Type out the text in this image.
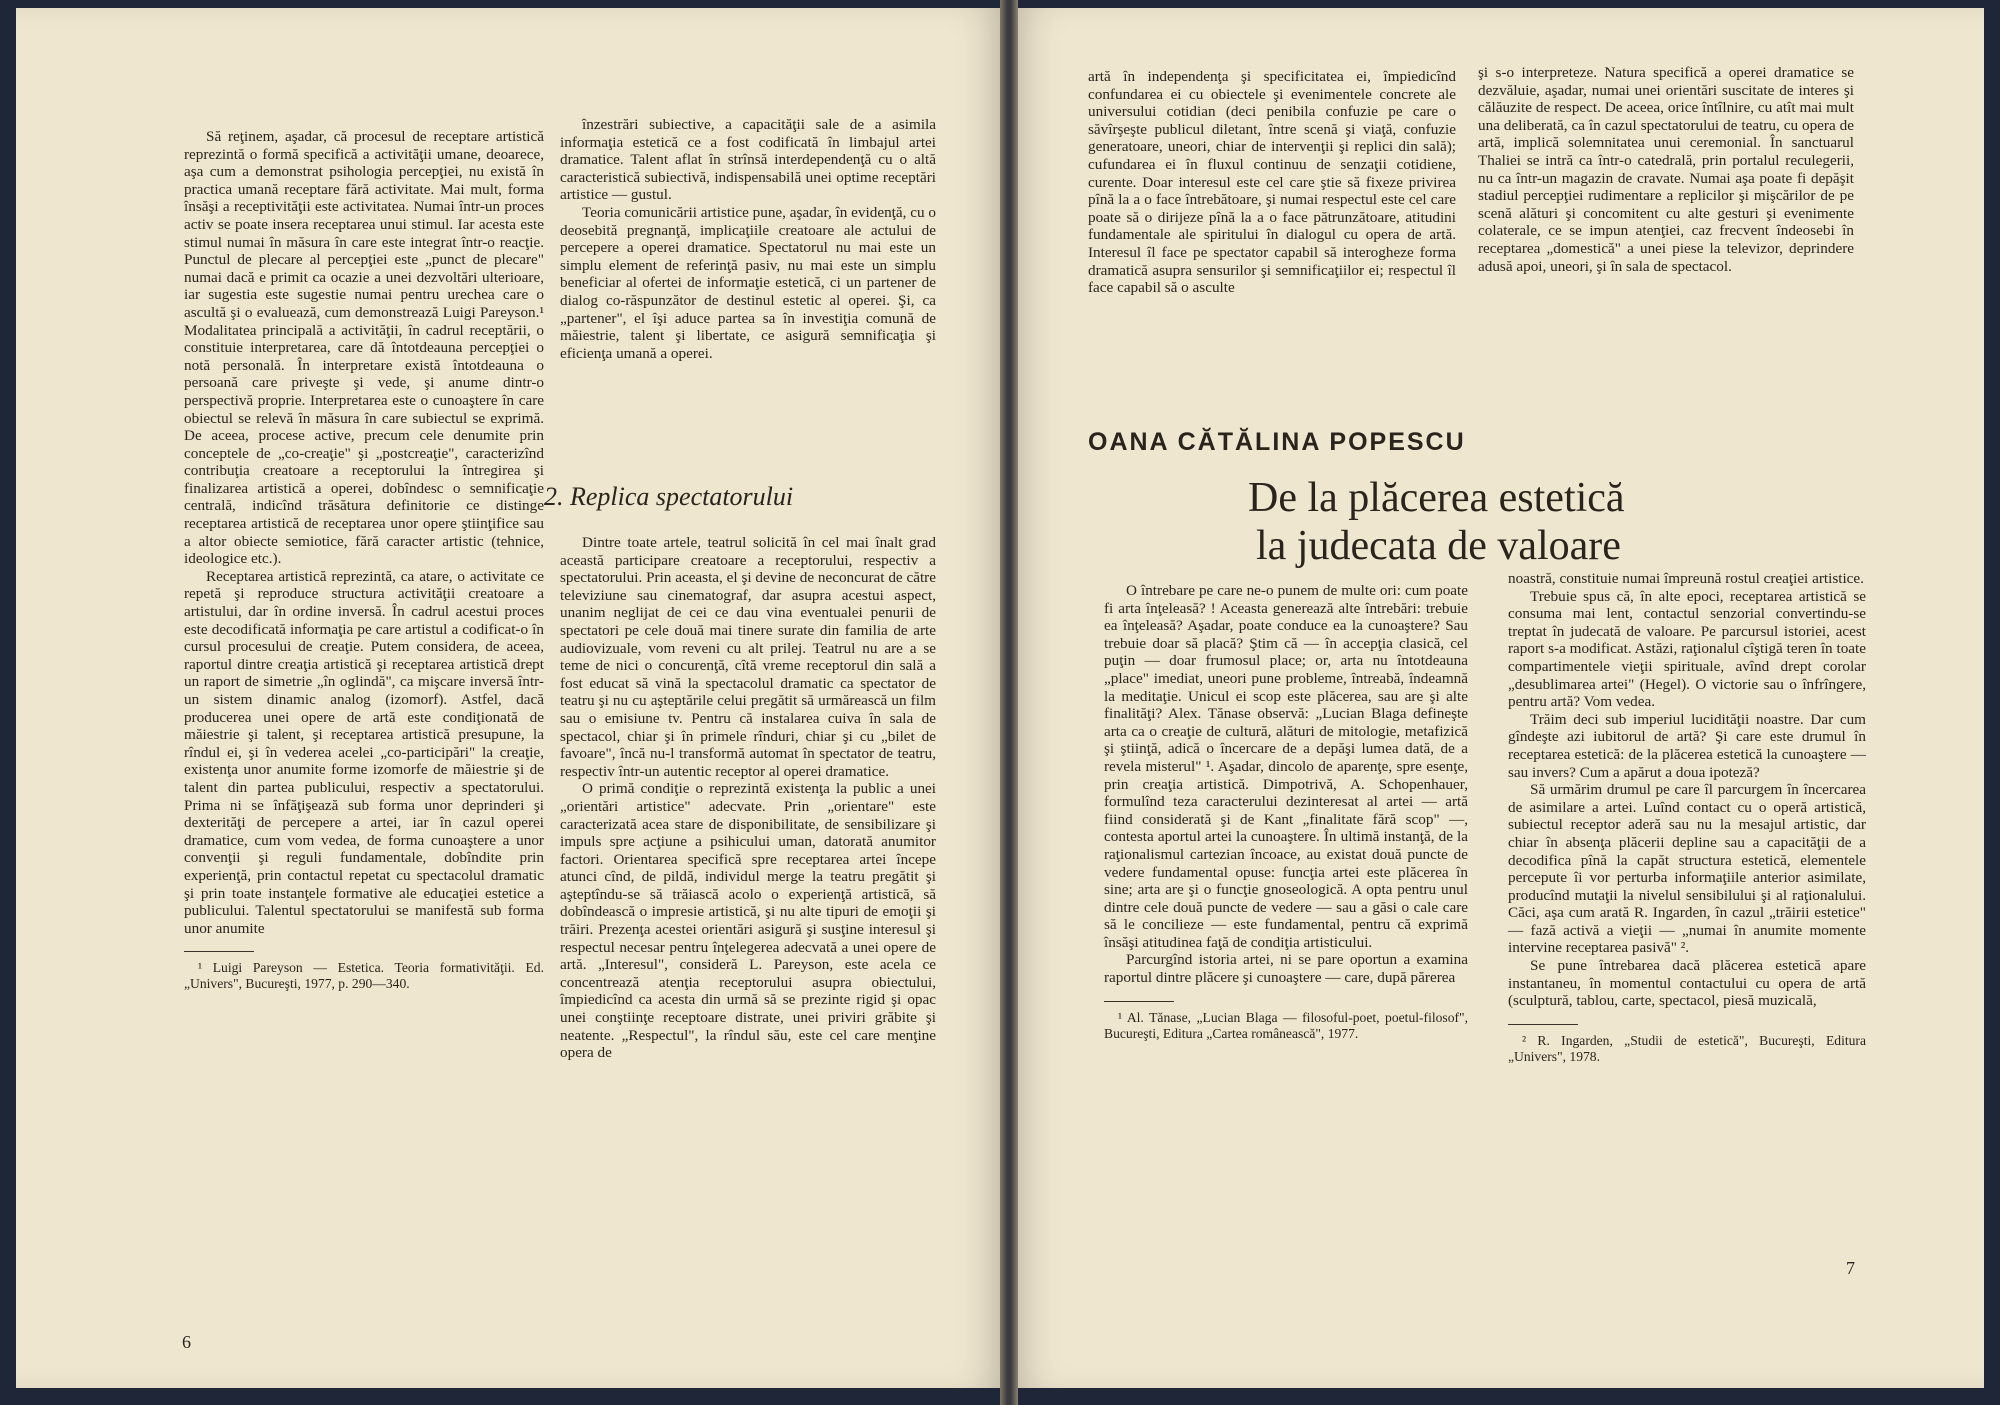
Să reţinem, aşadar, că procesul de receptare artistică reprezintă o formă specifică a activităţii umane, deoarece, aşa cum a demonstrat psihologia percepţiei, nu există în practica umană receptare fără activitate. Mai mult, forma însăşi a receptivităţii este activitatea. Numai într-un proces activ se poate insera receptarea unui stimul. Iar acesta este stimul numai în măsura în care este integrat într-o reacţie. Punctul de plecare al percepţiei este „punct de plecare" numai dacă e primit ca ocazie a unei dezvoltări ulterioare, iar sugestia este sugestie numai pentru urechea care o ascultă şi o evaluează, cum demonstrează Luigi Pareyson.¹ Modalitatea principală a activităţii, în cadrul receptării, o constituie interpretarea, care dă întotdeauna percepţiei o notă personală. În interpretare există întotdeauna o persoană care priveşte şi vede, şi anume dintr-o perspectivă proprie. Interpretarea este o cunoaştere în care obiectul se relevă în măsura în care subiectul se exprimă. De aceea, procese active, precum cele denumite prin conceptele de „co-creaţie" şi „postcreaţie", caracterizînd contribuţia creatoare a receptorului la întregirea şi finalizarea artistică a operei, dobîndesc o semnificaţie centrală, indicînd trăsătura definitorie ce distinge receptarea artistică de receptarea unor opere ştiinţifice sau a altor obiecte semiotice, fără caracter artistic (tehnice, ideologice etc.).

Receptarea artistică reprezintă, ca atare, o activitate ce repetă şi reproduce structura activităţii creatoare a artistului, dar în ordine inversă. În cadrul acestui proces este decodificată informaţia pe care artistul a codificat-o în cursul procesului de creaţie. Putem considera, de aceea, raportul dintre creaţia artistică şi receptarea artistică drept un raport de simetrie „în oglindă", ca mişcare inversă într-un sistem dinamic analog (izomorf). Astfel, dacă producerea unei opere de artă este condiţionată de măiestrie şi talent, şi receptarea artistică presupune, la rîndul ei, şi în vederea acelei „co-participări" la creaţie, existenţa unor anumite forme izomorfe de măiestrie şi de talent din partea publicului, respectiv a spectatorului. Prima ni se înfăţişează sub forma unor deprinderi şi dexterităţi de percepere a artei, iar în cazul operei dramatice, cum vom vedea, de forma cunoaştere a unor convenţii şi reguli fundamentale, dobîndite prin experienţă, prin contactul repetat cu spectacolul dramatic şi prin toate instanţele formative ale educaţiei estetice a publicului. Talentul spectatorului se manifestă sub forma unor anumite

¹ Luigi Pareyson — Estetica. Teoria formativităţii. Ed. „Univers", Bucureşti, 1977, p. 290—340.

înzestrări subiective, a capacităţii sale de a asimila informaţia estetică ce a fost codificată în limbajul artei dramatice. Talent aflat în strînsă interdependenţă cu o altă caracteristică subiectivă, indispensabilă unei optime receptări artistice — gustul.

Teoria comunicării artistice pune, aşadar, în evidenţă, cu o deosebită pregnanţă, implicaţiile creatoare ale actului de percepere a operei dramatice. Spectatorul nu mai este un simplu element de referinţă pasiv, nu mai este un simplu beneficiar al ofertei de informaţie estetică, ci un partener de dialog co-răspunzător de destinul estetic al operei. Şi, ca „partener", el îşi aduce partea sa în investiţia comună de măiestrie, talent şi libertate, ce asigură semnificaţia şi eficienţa umană a operei.

2. Replica spectatorului

Dintre toate artele, teatrul solicită în cel mai înalt grad această participare creatoare a receptorului, respectiv a spectatorului. Prin aceasta, el şi devine de neconcurat de către televiziune sau cinematograf, dar asupra acestui aspect, unanim neglijat de cei ce dau vina eventualei penurii de spectatori pe cele două mai tinere surate din familia de arte audiovizuale, vom reveni cu alt prilej. Teatrul nu are a se teme de nici o concurenţă, cîtă vreme receptorul din sală a fost educat să vină la spectacolul dramatic ca spectator de teatru şi nu cu aşteptările celui pregătit să urmărească un film sau o emisiune tv. Pentru că instalarea cuiva în sala de spectacol, chiar şi în primele rînduri, chiar şi cu „bilet de favoare", încă nu-l transformă automat în spectator de teatru, respectiv într-un autentic receptor al operei dramatice.

O primă condiţie o reprezintă existenţa la public a unei „orientări artistice" adecvate. Prin „orientare" este caracterizată acea stare de disponibilitate, de sensibilizare şi impuls spre acţiune a psihicului uman, datorată anumitor factori. Orientarea specifică spre receptarea artei începe atunci cînd, de pildă, individul merge la teatru pregătit şi aşteptîndu-se să trăiască acolo o experienţă artistică, să dobîndească o impresie artistică, şi nu alte tipuri de emoţii şi trăiri. Prezenţa acestei orientări asigură şi susţine interesul şi respectul necesar pentru înţelegerea adecvată a unei opere de artă. „Interesul", consideră L. Pareyson, este acela ce concentrează atenţia receptorului asupra obiectului, împiedicînd ca acesta din urmă să se prezinte rigid şi opac unei conştiinţe receptoare distrate, unei priviri grăbite şi neatente. „Respectul", la rîndul său, este cel care menţine opera de

6

artă în independenţa şi specificitatea ei, împiedicînd confundarea ei cu obiectele şi evenimentele concrete ale universului cotidian (deci penibila confuzie pe care o săvîrşeşte publicul diletant, între scenă şi viaţă, confuzie generatoare, uneori, chiar de intervenţii şi replici din sală); cufundarea ei în fluxul continuu de senzaţii cotidiene, curente. Doar interesul este cel care ştie să fixeze privirea pînă la a o face întrebătoare, şi numai respectul este cel care poate să o dirijeze pînă la a o face pătrunzătoare, atitudini fundamentale ale spiritului în dialogul cu opera de artă. Interesul îl face pe spectator capabil să interogheze forma dramatică asupra sensurilor şi semnificaţiilor ei; respectul îl face capabil să o asculte

şi s-o interpreteze. Natura specifică a operei dramatice se dezvăluie, aşadar, numai unei orientări suscitate de interes şi călăuzite de respect. De aceea, orice întîlnire, cu atît mai mult una deliberată, ca în cazul spectatorului de teatru, cu opera de artă, implică solemnitatea unui ceremonial. În sanctuarul Thaliei se intră ca într-o catedrală, prin portalul reculegerii, nu ca într-un magazin de cravate. Numai aşa poate fi depăşit stadiul percepţiei rudimentare a replicilor şi mişcărilor de pe scenă alături şi concomitent cu alte gesturi şi evenimente colaterale, ce se impun atenţiei, caz frecvent îndeosebi în receptarea „domestică" a unei piese la televizor, deprindere adusă apoi, uneori, şi în sala de spectacol.

OANA CĂTĂLINA POPESCU
De la plăcerea estetică
la judecata de valoare

O întrebare pe care ne-o punem de multe ori: cum poate fi arta înţeleasă? ! Aceasta generează alte întrebări: trebuie ea înţeleasă? Aşadar, poate conduce ea la cunoaştere? Sau trebuie doar să placă? Ştim că — în accepţia clasică, cel puţin — doar frumosul place; or, arta nu întotdeauna „place" imediat, uneori pune probleme, întreabă, îndeamnă la meditaţie. Unicul ei scop este plăcerea, sau are şi alte finalităţi? Alex. Tănase observă: „Lucian Blaga defineşte arta ca o creaţie de cultură, alături de mitologie, metafizică şi ştiinţă, adică o încercare de a depăşi lumea dată, de a revela misterul" ¹. Aşadar, dincolo de aparenţe, spre esenţe, prin creaţia artistică. Dimpotrivă, A. Schopenhauer, formulînd teza caracterului dezinteresat al artei — artă fiind considerată şi de Kant „finalitate fără scop" —, contesta aportul artei la cunoaştere. În ultimă instanţă, de la raţionalismul cartezian încoace, au existat două puncte de vedere fundamental opuse: funcţia artei este plăcerea în sine; arta are şi o funcţie gnoseologică. A opta pentru unul dintre cele două puncte de vedere — sau a găsi o cale care să le concilieze — este fundamental, pentru că exprimă însăşi atitudinea faţă de condiţia artisticului.

Parcurgînd istoria artei, ni se pare oportun a examina raportul dintre plăcere şi cunoaştere — care, după părerea

¹ Al. Tănase, „Lucian Blaga — filosoful-poet, poetul-filosof", Bucureşti, Editura „Cartea românească", 1977.

noastră, constituie numai împreună rostul creaţiei artistice.

Trebuie spus că, în alte epoci, receptarea artistică se consuma mai lent, contactul senzorial convertindu-se treptat în judecată de valoare. Pe parcursul istoriei, acest raport s-a modificat. Astăzi, raţionalul cîştigă teren în toate compartimentele vieţii spirituale, avînd drept corolar „desublimarea artei" (Hegel). O victorie sau o înfrîngere, pentru artă? Vom vedea.

Trăim deci sub imperiul lucidităţii noastre. Dar cum gîndeşte azi iubitorul de artă? Şi care este drumul în receptarea estetică: de la plăcerea estetică la cunoaştere — sau invers? Cum a apărut a doua ipoteză?

Să urmărim drumul pe care îl parcurgem în încercarea de asimilare a artei. Luînd contact cu o operă artistică, subiectul receptor aderă sau nu la mesajul artistic, dar chiar în absenţa plăcerii depline sau a capacităţii de a decodifica pînă la capăt structura estetică, elementele percepute îi vor perturba informaţiile anterior asimilate, producînd mutaţii la nivelul sensibilului şi al raţionalului. Căci, aşa cum arată R. Ingarden, în cazul „trăirii estetice" — fază activă a vieţii — „numai în anumite momente intervine receptarea pasivă" ².

Se pune întrebarea dacă plăcerea estetică apare instantaneu, în momentul contactului cu opera de artă (sculptură, tablou, carte, spectacol, piesă muzicală,

² R. Ingarden, „Studii de estetică", Bucureşti, Editura „Univers", 1978.
7
